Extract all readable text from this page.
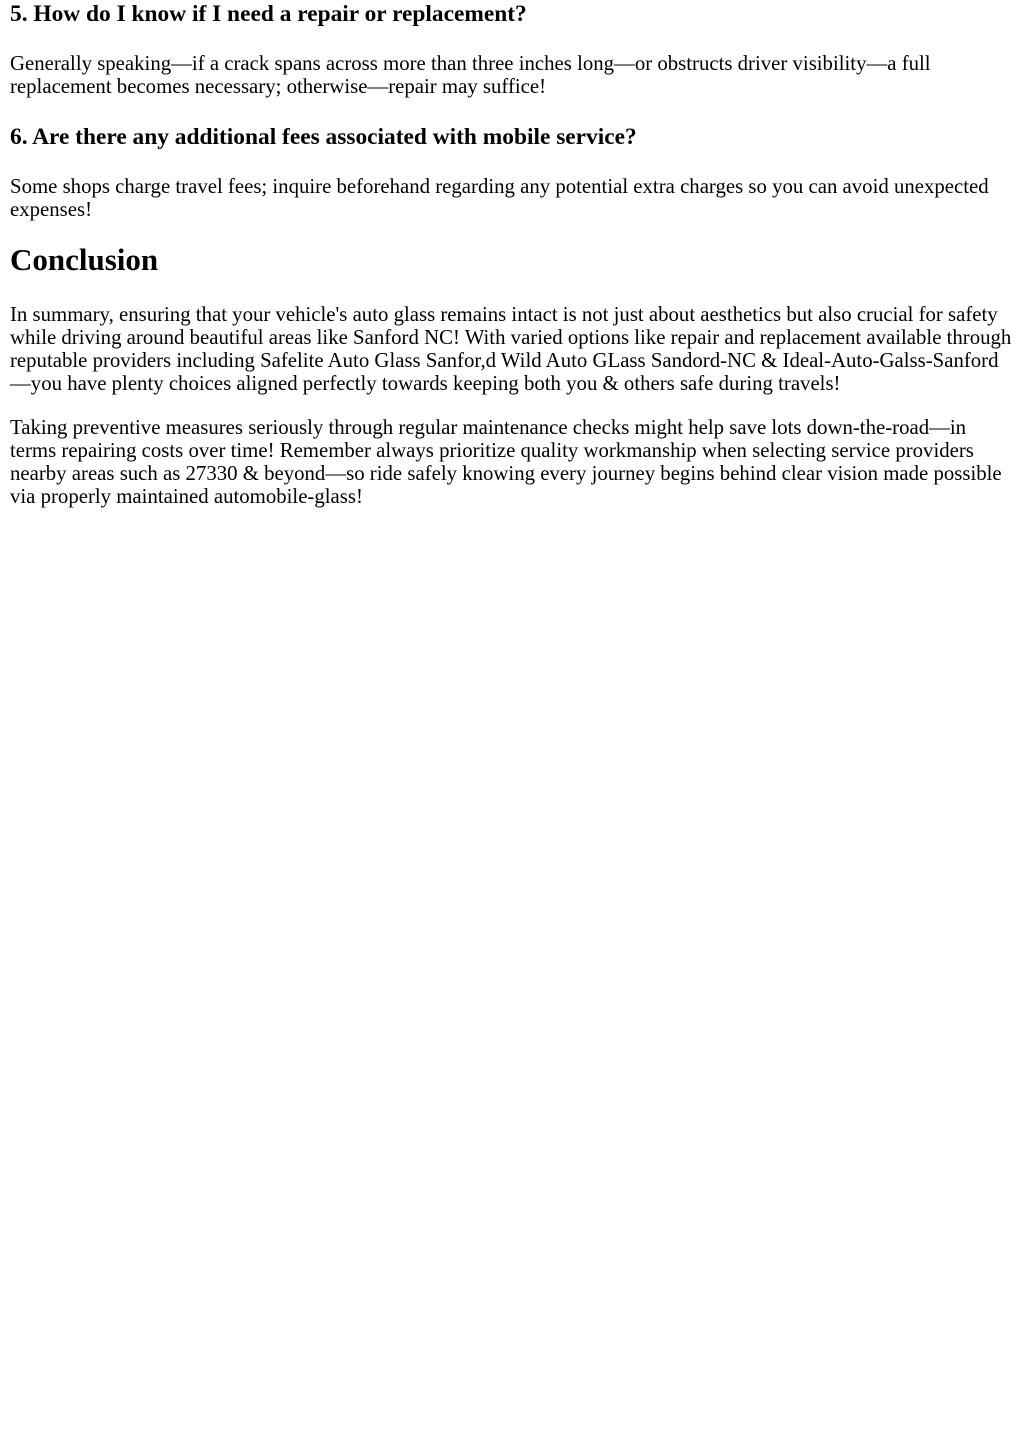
5. How do I know if I need a repair or replacement?

Generally speaking—if a crack spans across more than three inches long—or obstructs driver visibility—a full replacement becomes necessary; otherwise—repair may suffice!

6. Are there any additional fees associated with mobile service?

Some shops charge travel fees; inquire beforehand regarding any potential extra charges so you can avoid unexpected expenses!

Conclusion

In summary, ensuring that your vehicle's auto glass remains intact is not just about aesthetics but also crucial for safety while driving around beautiful areas like Sanford NC! With varied options like repair and replacement available through reputable providers including Safelite Auto Glass Sanfor,d Wild Auto GLass Sandord-NC & Ideal-Auto-Galss-Sanford—you have plenty choices aligned perfectly towards keeping both you & others safe during travels!

Taking preventive measures seriously through regular maintenance checks might help save lots down-the-road—in terms repairing costs over time! Remember always prioritize quality workmanship when selecting service providers nearby areas such as 27330 & beyond—so ride safely knowing every journey begins behind clear vision made possible via properly maintained automobile-glass!
